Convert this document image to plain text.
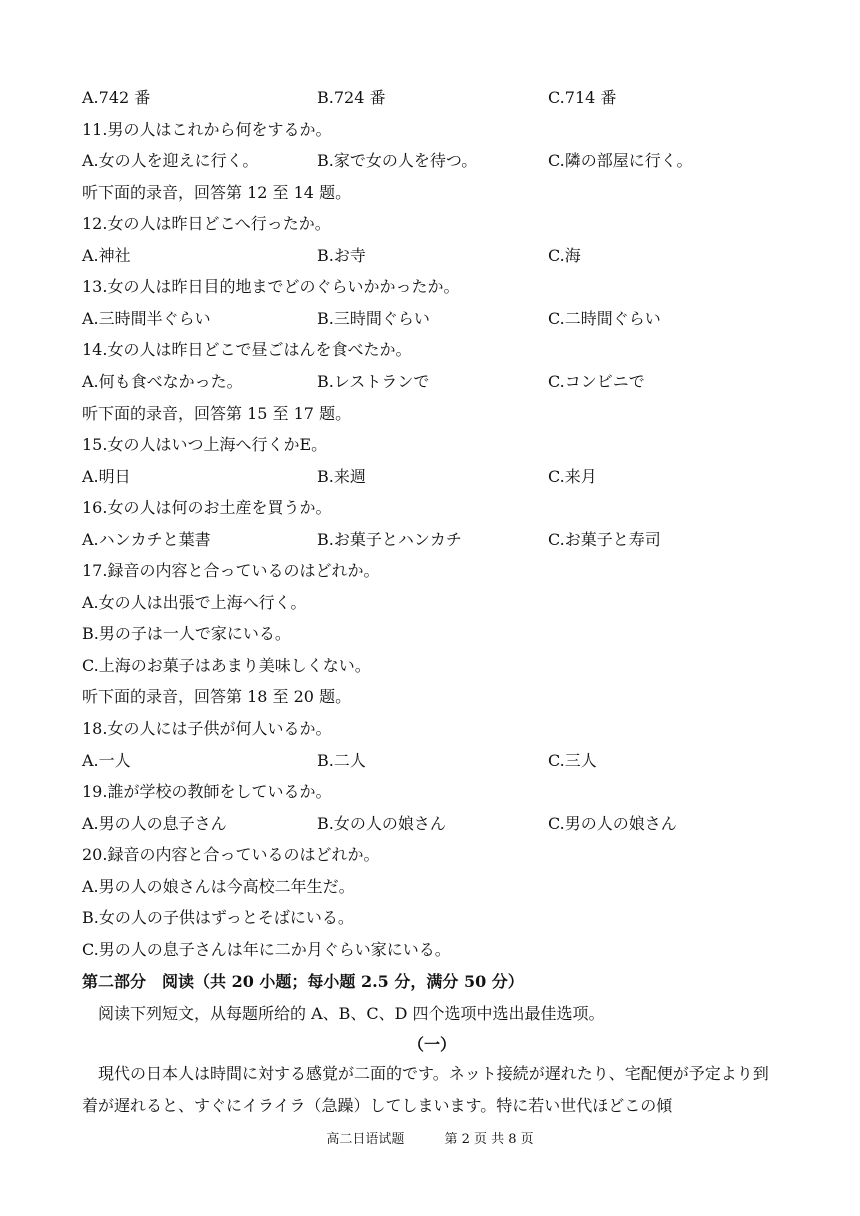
A.742 番	B.724 番	C.714 番
11.男の人はこれから何をするか。
A.女の人を迎えに行く。	B.家で女の人を待つ。	C.隣の部屋に行く。
听下面的录音，回答第 12 至 14 题。
12.女の人は昨日どこへ行ったか。
A.神社	B.お寺	C.海
13.女の人は昨日目的地までどのぐらいかかったか。
A.三時間半ぐらい	B.三時間ぐらい	C.二時間ぐらい
14.女の人は昨日どこで昼ごはんを食べたか。
A.何も食べなかった。	B.レストランで	C.コンビニで
听下面的录音，回答第 15 至 17 题。
15.女の人はいつ上海へ行くかE。
A.明日	B.来週	C.来月
16.女の人は何のお土産を買うか。
A.ハンカチと葉書	B.お菓子とハンカチ	C.お菓子と寿司
17.録音の内容と合っているのはどれか。
A.女の人は出張で上海へ行く。
B.男の子は一人で家にいる。
C.上海のお菓子はあまり美味しくない。
听下面的录音，回答第 18 至 20 题。
18.女の人には子供が何人いるか。
A.一人	B.二人	C.三人
19.誰が学校の教師をしているか。
A.男の人の息子さん	B.女の人の娘さん	C.男の人の娘さん
20.録音の内容と合っているのはどれか。
A.男の人の娘さんは今高校二年生だ。
B.女の人の子供はずっとそばにいる。
C.男の人の息子さんは年に二か月ぐらい家にいる。
第二部分　阅读（共 20 小题；每小题 2.5 分，满分 50 分）
　阅读下列短文，从每题所给的 A、B、C、D 四个选项中选出最佳选项。
（一）
現代の日本人は時間に対する感覚が二面的です。ネット接続が遅れたり、宅配便が予定より到着が遅れると、すぐにイライラ（急躁）してしまいます。特に若い世代ほどこの傾
高二日语试题	第 2 页 共 8 页
